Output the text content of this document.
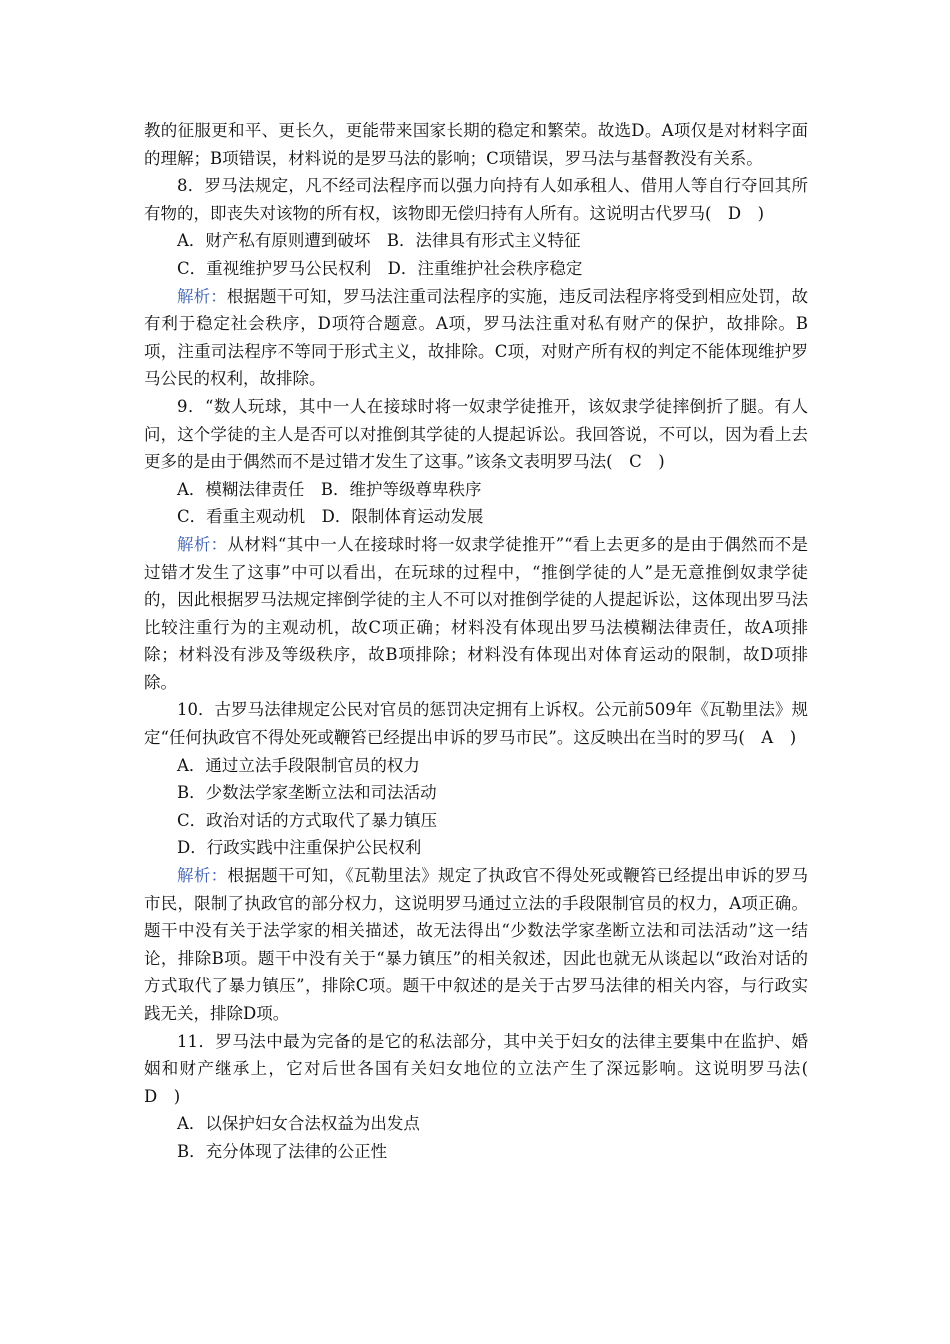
教的征服更和平、更长久，更能带来国家长期的稳定和繁荣。故选D。A项仅是对材料字面的理解；B项错误，材料说的是罗马法的影响；C项错误，罗马法与基督教没有关系。

8．罗马法规定，凡不经司法程序而以强力向持有人如承租人、借用人等自行夺回其所有物的，即丧失对该物的所有权，该物即无偿归持有人所有。这说明古代罗马(　D　)

A．财产私有原则遭到破坏　B．法律具有形式主义特征

C．重视维护罗马公民权利　D．注重维护社会秩序稳定

解析：根据题干可知，罗马法注重司法程序的实施，违反司法程序将受到相应处罚，故有利于稳定社会秩序，D项符合题意。A项，罗马法注重对私有财产的保护，故排除。B项，注重司法程序不等同于形式主义，故排除。C项，对财产所有权的判定不能体现维护罗马公民的权利，故排除。

9．“数人玩球，其中一人在接球时将一奴隶学徒推开，该奴隶学徒摔倒折了腿。有人问，这个学徒的主人是否可以对推倒其学徒的人提起诉讼。我回答说，不可以，因为看上去更多的是由于偶然而不是过错才发生了这事。”该条文表明罗马法(　C　)

A．模糊法律责任　B．维护等级尊卑秩序

C．看重主观动机　D．限制体育运动发展

解析：从材料“其中一人在接球时将一奴隶学徒推开”“看上去更多的是由于偶然而不是过错才发生了这事”中可以看出，在玩球的过程中，“推倒学徒的人”是无意推倒奴隶学徒的，因此根据罗马法规定摔倒学徒的主人不可以对推倒学徒的人提起诉讼，这体现出罗马法比较注重行为的主观动机，故C项正确；材料没有体现出罗马法模糊法律责任，故A项排除；材料没有涉及等级秩序，故B项排除；材料没有体现出对体育运动的限制，故D项排除。

10．古罗马法律规定公民对官员的惩罚决定拥有上诉权。公元前509年《瓦勒里法》规定“任何执政官不得处死或鞭笞已经提出申诉的罗马市民”。这反映出在当时的罗马(　A　)

A．通过立法手段限制官员的权力

B．少数法学家垄断立法和司法活动

C．政治对话的方式取代了暴力镇压

D．行政实践中注重保护公民权利

解析：根据题干可知，《瓦勒里法》规定了执政官不得处死或鞭笞已经提出申诉的罗马市民，限制了执政官的部分权力，这说明罗马通过立法的手段限制官员的权力，A项正确。题干中没有关于法学家的相关描述，故无法得出“少数法学家垄断立法和司法活动”这一结论，排除B项。题干中没有关于“暴力镇压”的相关叙述，因此也就无从谈起以“政治对话的方式取代了暴力镇压”，排除C项。题干中叙述的是关于古罗马法律的相关内容，与行政实践无关，排除D项。

11．罗马法中最为完备的是它的私法部分，其中关于妇女的法律主要集中在监护、婚姻和财产继承上，它对后世各国有关妇女地位的立法产生了深远影响。这说明罗马法(　D　)

A．以保护妇女合法权益为出发点

B．充分体现了法律的公正性
